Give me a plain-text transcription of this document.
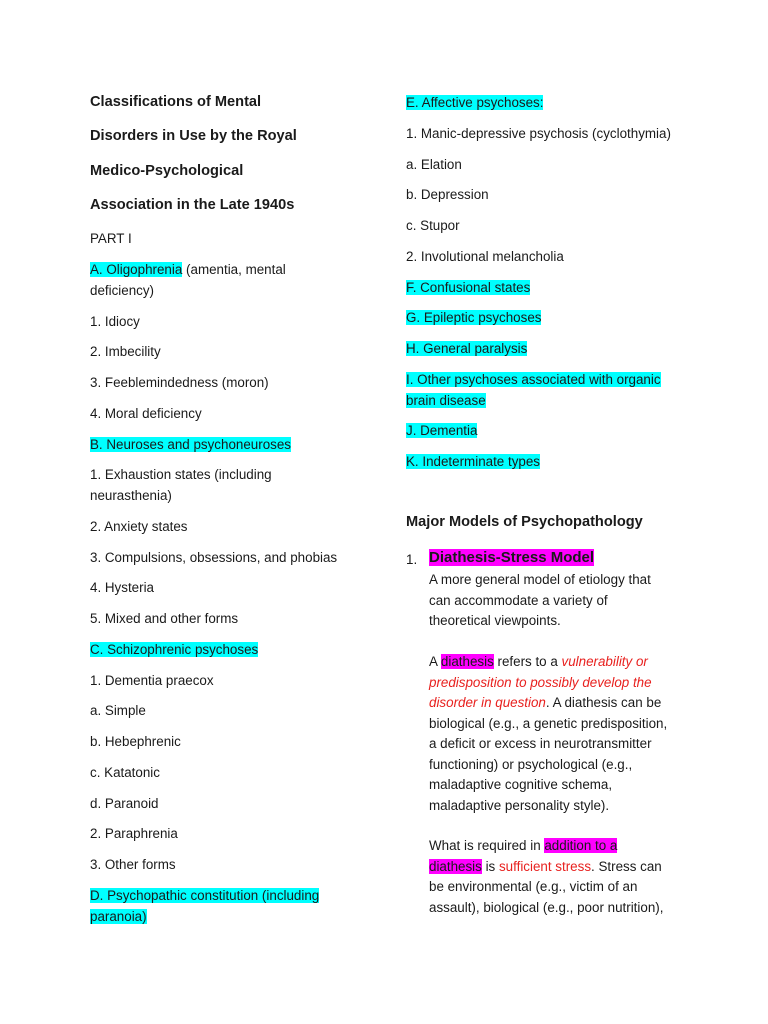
Classifications of Mental
Disorders in Use by the Royal
Medico-Psychological
Association in the Late 1940s
PART I
A. Oligophrenia (amentia, mental
deficiency)
1. Idiocy
2. Imbecility
3. Feeblemindedness (moron)
4. Moral deficiency
B. Neuroses and psychoneuroses
1. Exhaustion states (including
neurasthenia)
2. Anxiety states
3. Compulsions, obsessions, and phobias
4. Hysteria
5. Mixed and other forms
C. Schizophrenic psychoses
1. Dementia praecox
a. Simple
b. Hebephrenic
c. Katatonic
d. Paranoid
2. Paraphrenia
3. Other forms
D. Psychopathic constitution (including
paranoia)
E. Affective psychoses:
1. Manic-depressive psychosis (cyclothymia)
a. Elation
b. Depression
c. Stupor
2. Involutional melancholia
F. Confusional states
G. Epileptic psychoses
H. General paralysis
I. Other psychoses associated with organic
brain disease
J. Dementia
K. Indeterminate types
Major Models of Psychopathology
1. Diathesis-Stress Model
A more general model of etiology that
can accommodate a variety of
theoretical viewpoints.
A diathesis refers to a vulnerability or
predisposition to possibly develop the
disorder in question. A diathesis can be
biological (e.g., a genetic predisposition,
a deficit or excess in neurotransmitter
functioning) or psychological (e.g.,
maladaptive cognitive schema,
maladaptive personality style).
What is required in addition to a
diathesis is sufficient stress. Stress can
be environmental (e.g., victim of an
assault), biological (e.g., poor nutrition),
